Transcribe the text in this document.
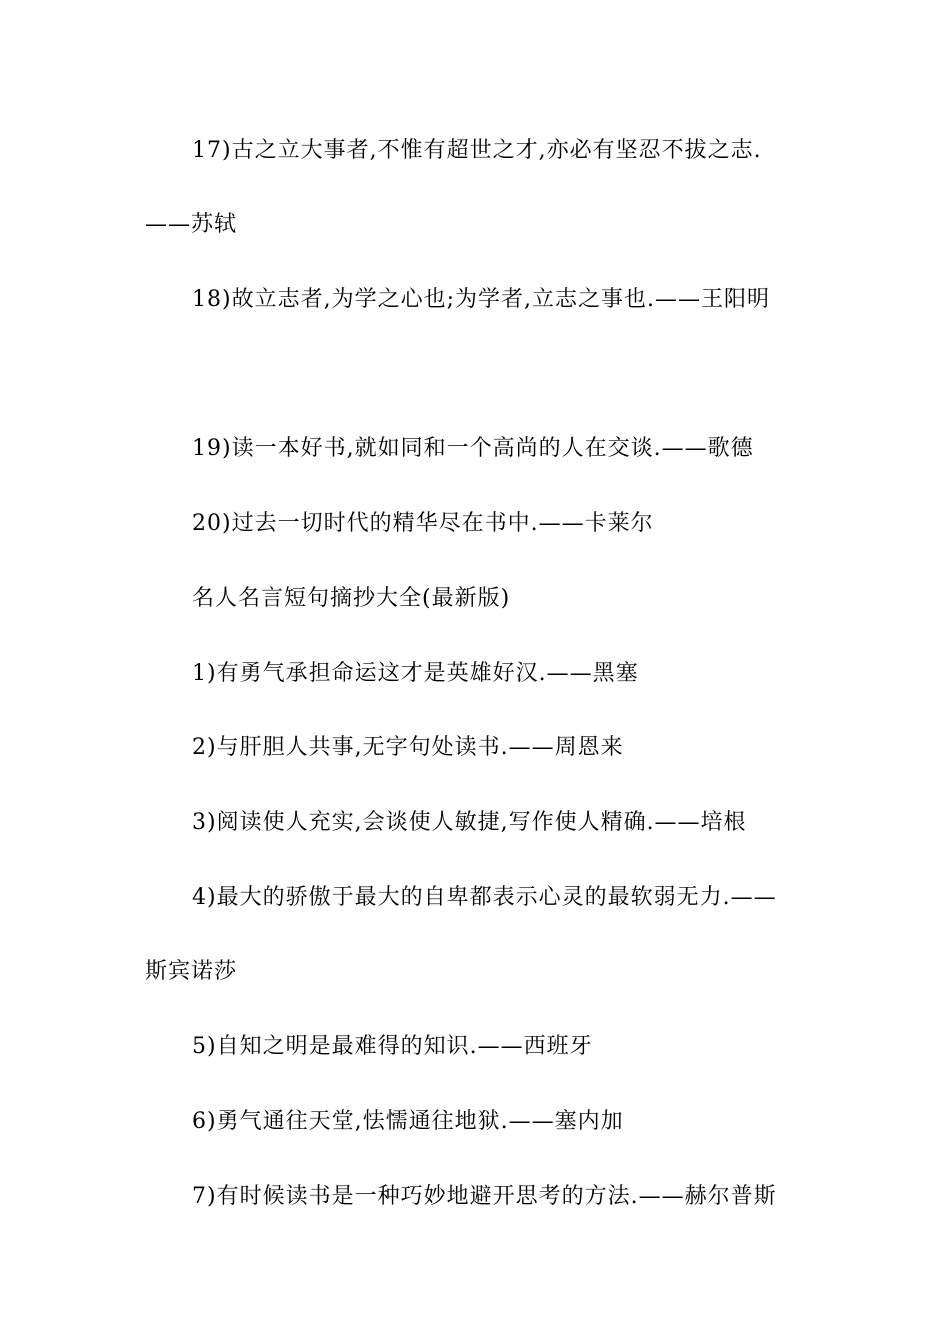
17)古之立大事者,不惟有超世之才,亦必有坚忍不拔之志.
——苏轼
18)故立志者,为学之心也;为学者,立志之事也.——王阳明
19)读一本好书,就如同和一个高尚的人在交谈.——歌德
20)过去一切时代的精华尽在书中.——卡莱尔
名人名言短句摘抄大全(最新版)
1)有勇气承担命运这才是英雄好汉.——黑塞
2)与肝胆人共事,无字句处读书.——周恩来
3)阅读使人充实,会谈使人敏捷,写作使人精确.——培根
4)最大的骄傲于最大的自卑都表示心灵的最软弱无力.——
斯宾诺莎
5)自知之明是最难得的知识.——西班牙
6)勇气通往天堂,怯懦通往地狱.——塞内加
7)有时候读书是一种巧妙地避开思考的方法.——赫尔普斯
